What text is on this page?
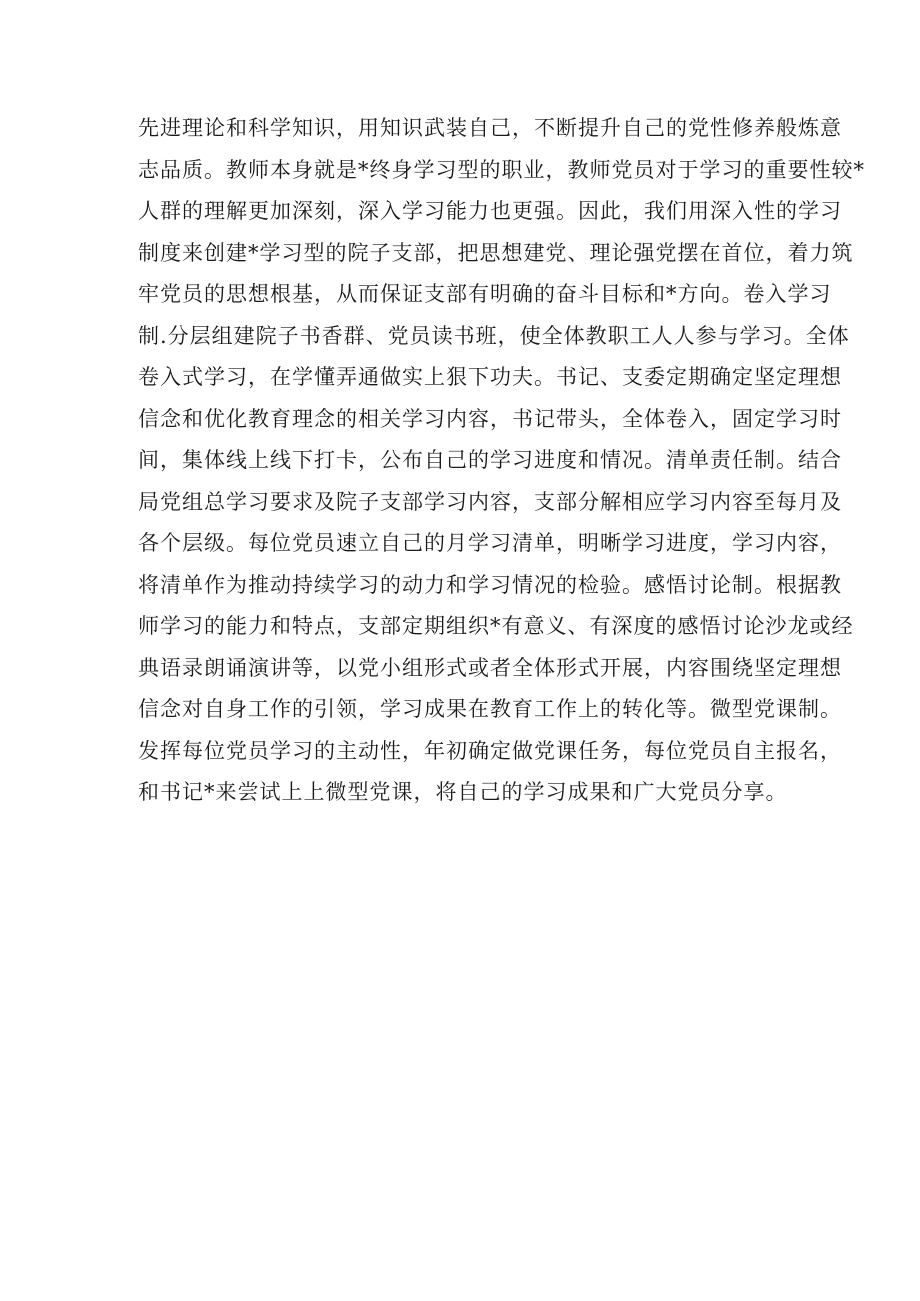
先进理论和科学知识，用知识武装自己，不断提升自己的党性修养般炼意
志品质。教师本身就是*终身学习型的职业，教师党员对于学习的重要性较*
人群的理解更加深刻，深入学习能力也更强。因此，我们用深入性的学习
制度来创建*学习型的院子支部，把思想建党、理论强党摆在首位，着力筑
牢党员的思想根基，从而保证支部有明确的奋斗目标和*方向。卷入学习
制.分层组建院子书香群、党员读书班，使全体教职工人人参与学习。全体
卷入式学习，在学懂弄通做实上狠下功夫。书记、支委定期确定坚定理想
信念和优化教育理念的相关学习内容，书记带头，全体卷入，固定学习时
间，集体线上线下打卡，公布自己的学习进度和情况。清单责任制。结合
局党组总学习要求及院子支部学习内容，支部分解相应学习内容至每月及
各个层级。每位党员速立自己的月学习清单，明晰学习进度，学习内容，
将清单作为推动持续学习的动力和学习情况的检验。感悟讨论制。根据教
师学习的能力和特点，支部定期组织*有意义、有深度的感悟讨论沙龙或经
典语录朗诵演讲等，以党小组形式或者全体形式开展，内容围绕坚定理想
信念对自身工作的引领，学习成果在教育工作上的转化等。微型党课制。
发挥每位党员学习的主动性，年初确定做党课任务，每位党员自主报名，
和书记*来尝试上上微型党课，将自己的学习成果和广大党员分享。
